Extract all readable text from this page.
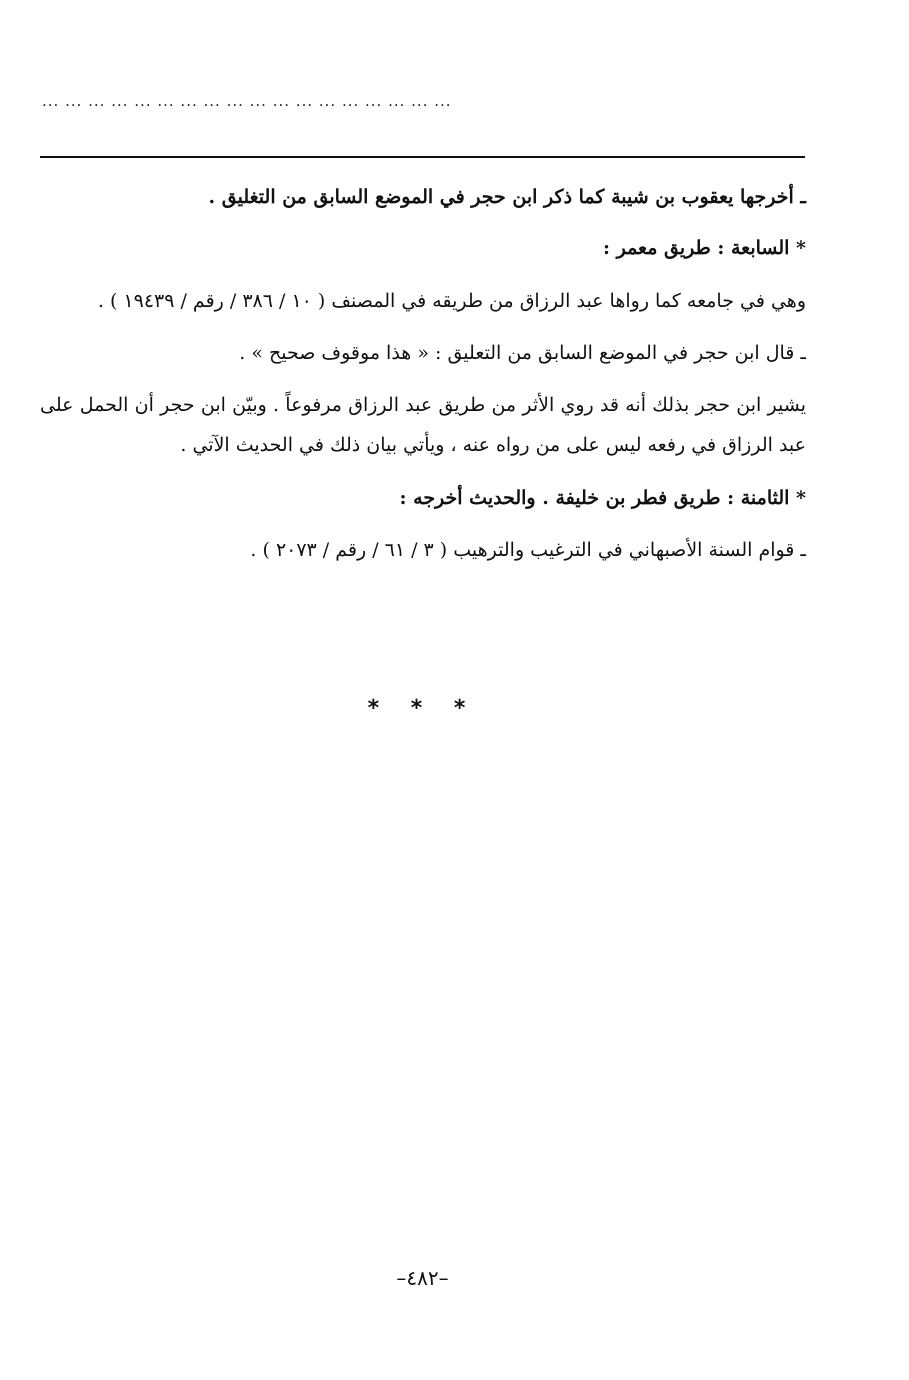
... ... ... ... ... ... ... ... ... ... ... ... ... ... ... ... ... ...
ـ أخرجها يعقوب بن شيبة كما ذكر ابن حجر في الموضع السابق من التغليق .
* السابعة : طريق معمر :
وهي في جامعه كما رواها عبد الرزاق من طريقه في المصنف ( ١٠ / ٣٨٦ / رقم / ١٩٤٣٩ ) .
ـ قال ابن حجر في الموضع السابق من التعليق : « هذا موقوف صحيح » .
يشير ابن حجر بذلك أنه قد روي الأثر من طريق عبد الرزاق مرفوعاً . وبيّن ابن حجر أن الحمل على عبد الرزاق في رفعه ليس على من رواه عنه ، ويأتي بيان ذلك في الحديث الآتي .
* الثامنة : طريق فطر بن خليفة . والحديث أخرجه :
ـ قوام السنة الأصبهاني في الترغيب والترهيب ( ٣ / ٦١ / رقم / ٢٠٧٣ ) .
* * *
–٤٨٢–
